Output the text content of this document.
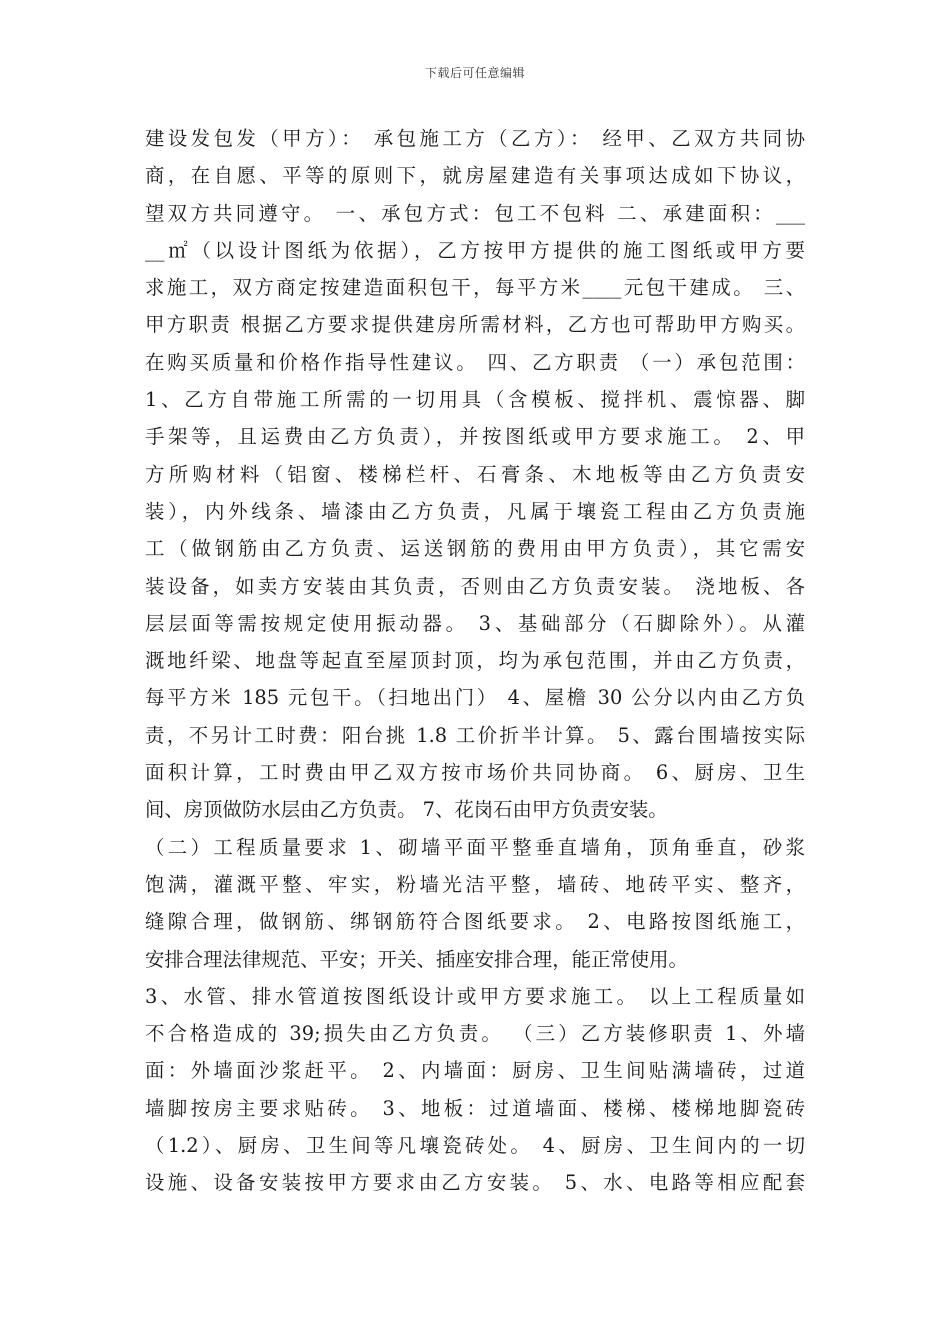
下载后可任意编辑
建设发包发（甲方）： 承包施工方（乙方）： 经甲、乙双方共同协
商，在自愿、平等的原则下，就房屋建造有关事项达成如下协议，
望双方共同遵守。 一、承包方式：包工不包料 二、承建面积：___
__㎡（以设计图纸为依据），乙方按甲方提供的施工图纸或甲方要
求施工，双方商定按建造面积包干，每平方米____元包干建成。 三、
甲方职责 根据乙方要求提供建房所需材料，乙方也可帮助甲方购买。
在购买质量和价格作指导性建议。 四、乙方职责 （一）承包范围：
1、乙方自带施工所需的一切用具（含模板、搅拌机、震惊器、脚
手架等，且运费由乙方负责），并按图纸或甲方要求施工。 2、甲
方所购材料（铝窗、楼梯栏杆、石膏条、木地板等由乙方负责安
装），内外线条、墙漆由乙方负责，凡属于壤瓷工程由乙方负责施
工（做钢筋由乙方负责、运送钢筋的费用由甲方负责），其它需安
装设备，如卖方安装由其负责，否则由乙方负责安装。 浇地板、各
层层面等需按规定使用振动器。 3、基础部分（石脚除外）。从灌
溉地纤梁、地盘等起直至屋顶封顶，均为承包范围，并由乙方负责，
每平方米 185 元包干。（扫地出门） 4、屋檐 30 公分以内由乙方负
责，不另计工时费：阳台挑 1.8 工价折半计算。 5、露台围墙按实际
面积计算，工时费由甲乙双方按市场价共同协商。 6、厨房、卫生
间、房顶做防水层由乙方负责。 7、花岗石由甲方负责安装。
（二）工程质量要求 1、砌墙平面平整垂直墙角，顶角垂直，砂浆
饱满，灌溉平整、牢实，粉墙光洁平整，墙砖、地砖平实、整齐，
缝隙合理，做钢筋、绑钢筋符合图纸要求。 2、电路按图纸施工，
安排合理法律规范、平安；开关、插座安排合理，能正常使用。
3、水管、排水管道按图纸设计或甲方要求施工。 以上工程质量如
不合格造成的 39;损失由乙方负责。 （三）乙方装修职责 1、外墙
面：外墙面沙浆赶平。 2、内墙面：厨房、卫生间贴满墙砖，过道
墙脚按房主要求贴砖。 3、地板：过道墙面、楼梯、楼梯地脚瓷砖
（1.2）、厨房、卫生间等凡壤瓷砖处。 4、厨房、卫生间内的一切
设施、设备安装按甲方要求由乙方安装。 5、水、电路等相应配套
